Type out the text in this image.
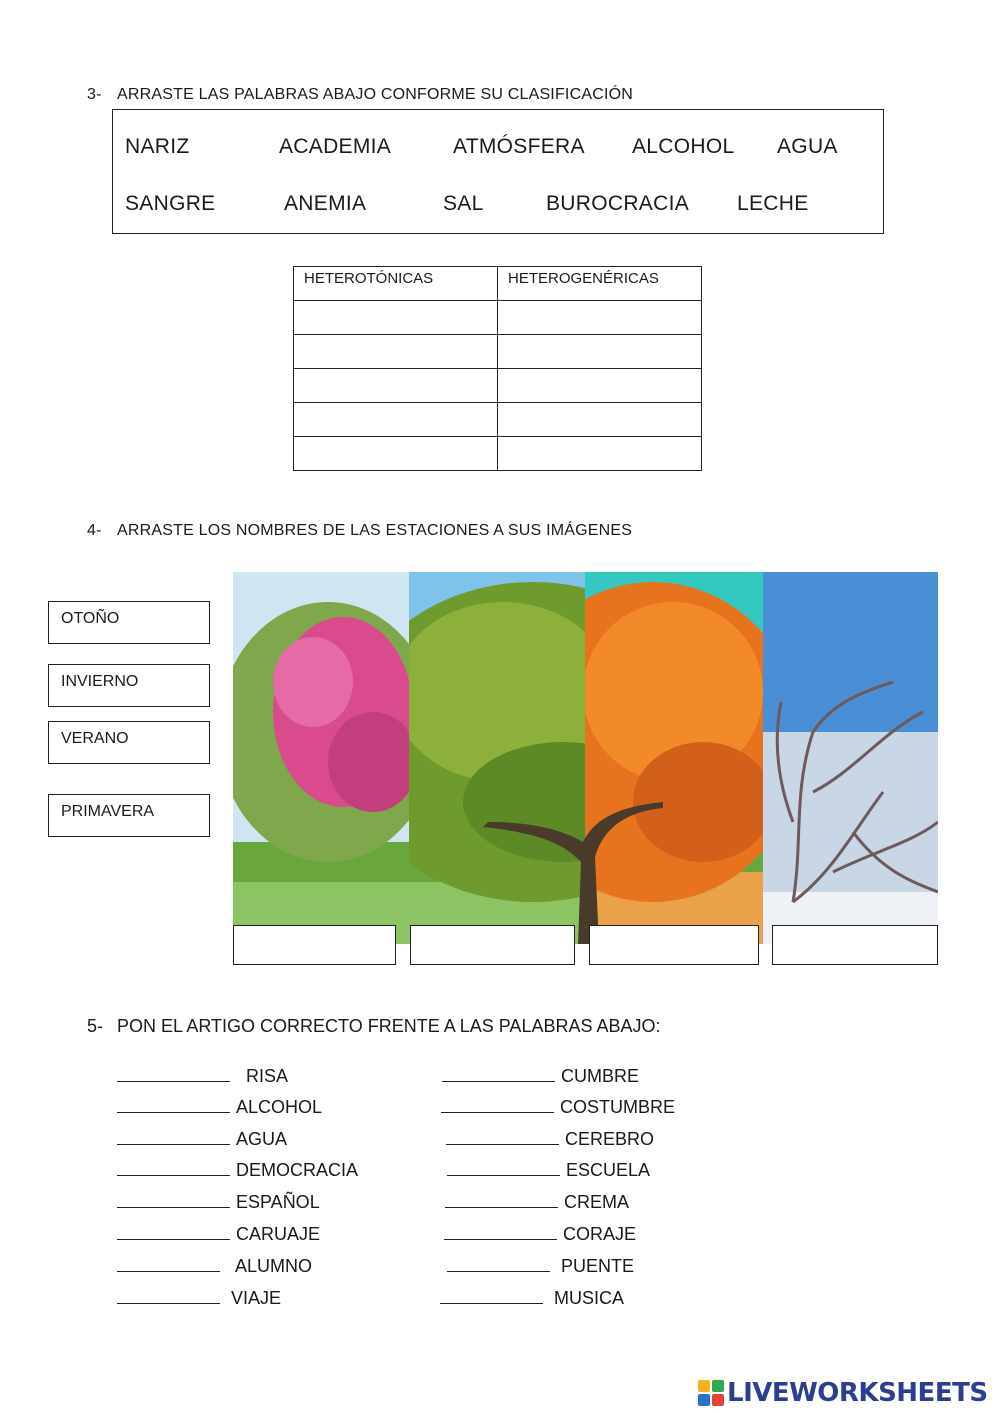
3- ARRASTE LAS PALABRAS ABAJO CONFORME SU CLASIFICACIÓN
NARIZ	ACADEMIA	ATMÓSFERA ALCOHOL AGUA
SANGRE	ANEMIA	SAL	BUROCRACIA LECHE
HETEROTÓNICAS	HETEROGENÉRICAS

4- ARRASTE LOS NOMBRES DE LAS ESTACIONES A SUS IMÁGENES
OTOÑO
INVIERNO
VERANO
PRIMAVERA
5- PON EL ARTIGO CORRECTO FRENTE A LAS PALABRAS ABAJO:
RISA
ALCOHOL
AGUA
DEMOCRACIA
ESPAÑOL
CARUAJE
ALUMNO
VIAJE
CUMBRE
COSTUMBRE
CEREBRO
ESCUELA
CREMA
CORAJE
PUENTE
MUSICA
LIVEWORKSHEETS
